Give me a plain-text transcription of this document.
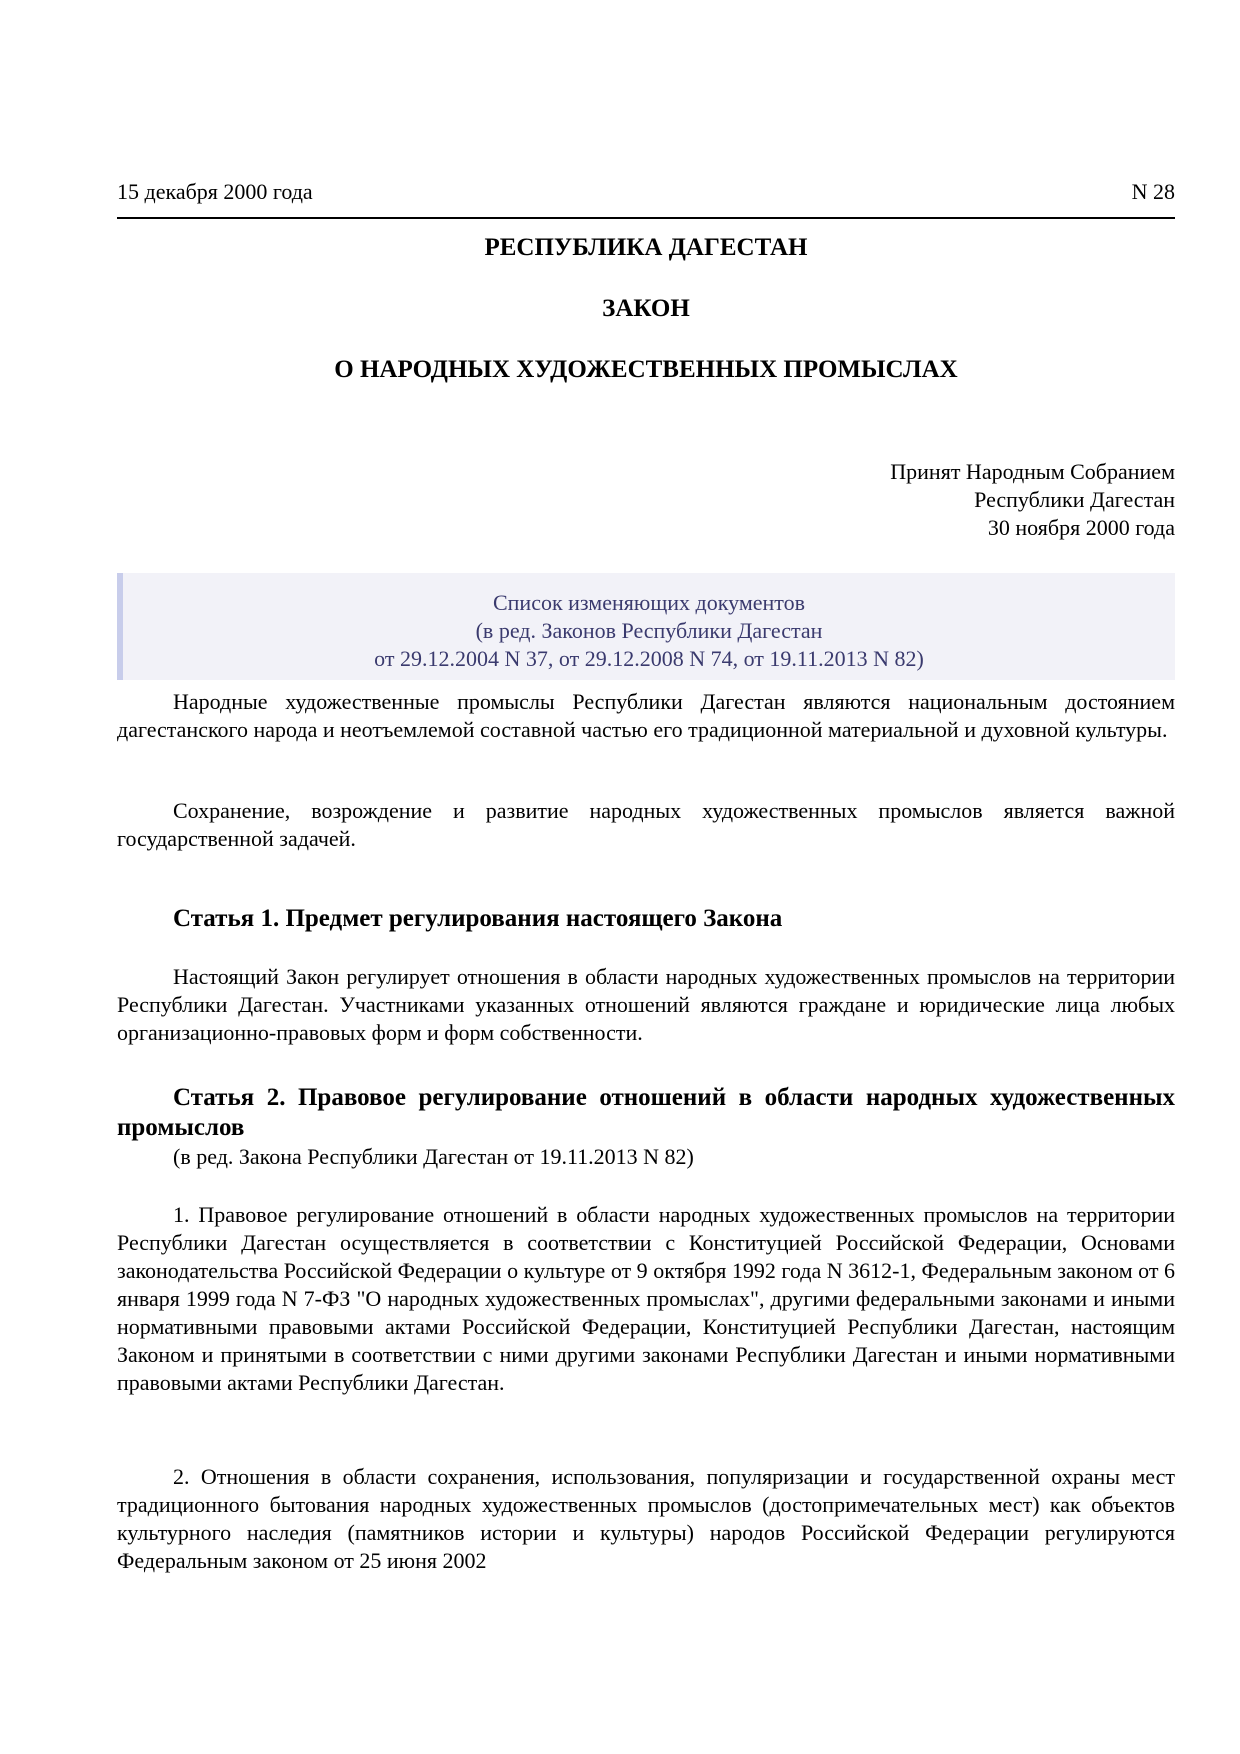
15 декабря 2000 года	N 28
РЕСПУБЛИКА ДАГЕСТАН
ЗАКОН
О НАРОДНЫХ ХУДОЖЕСТВЕННЫХ ПРОМЫСЛАХ
Принят Народным Собранием
Республики Дагестан
30 ноября 2000 года
Список изменяющих документов
(в ред. Законов Республики Дагестан
от 29.12.2004 N 37, от 29.12.2008 N 74, от 19.11.2013 N 82)

Народные художественные промыслы Республики Дагестан являются национальным достоянием дагестанского народа и неотъемлемой составной частью его традиционной материальной и духовной культуры.

Сохранение, возрождение и развитие народных художественных промыслов является важной государственной задачей.

Статья 1. Предмет регулирования настоящего Закона

Настоящий Закон регулирует отношения в области народных художественных промыслов на территории Республики Дагестан. Участниками указанных отношений являются граждане и юридические лица любых организационно-правовых форм и форм собственности.

Статья 2. Правовое регулирование отношений в области народных художественных промыслов
(в ред. Закона Республики Дагестан от 19.11.2013 N 82)

1. Правовое регулирование отношений в области народных художественных промыслов на территории Республики Дагестан осуществляется в соответствии с Конституцией Российской Федерации, Основами законодательства Российской Федерации о культуре от 9 октября 1992 года N 3612-1, Федеральным законом от 6 января 1999 года N 7-ФЗ "О народных художественных промыслах", другими федеральными законами и иными нормативными правовыми актами Российской Федерации, Конституцией Республики Дагестан, настоящим Законом и принятыми в соответствии с ними другими законами Республики Дагестан и иными нормативными правовыми актами Республики Дагестан.

2. Отношения в области сохранения, использования, популяризации и государственной охраны мест традиционного бытования народных художественных промыслов (достопримечательных мест) как объектов культурного наследия (памятников истории и культуры) народов Российской Федерации регулируются Федеральным законом от 25 июня 2002
